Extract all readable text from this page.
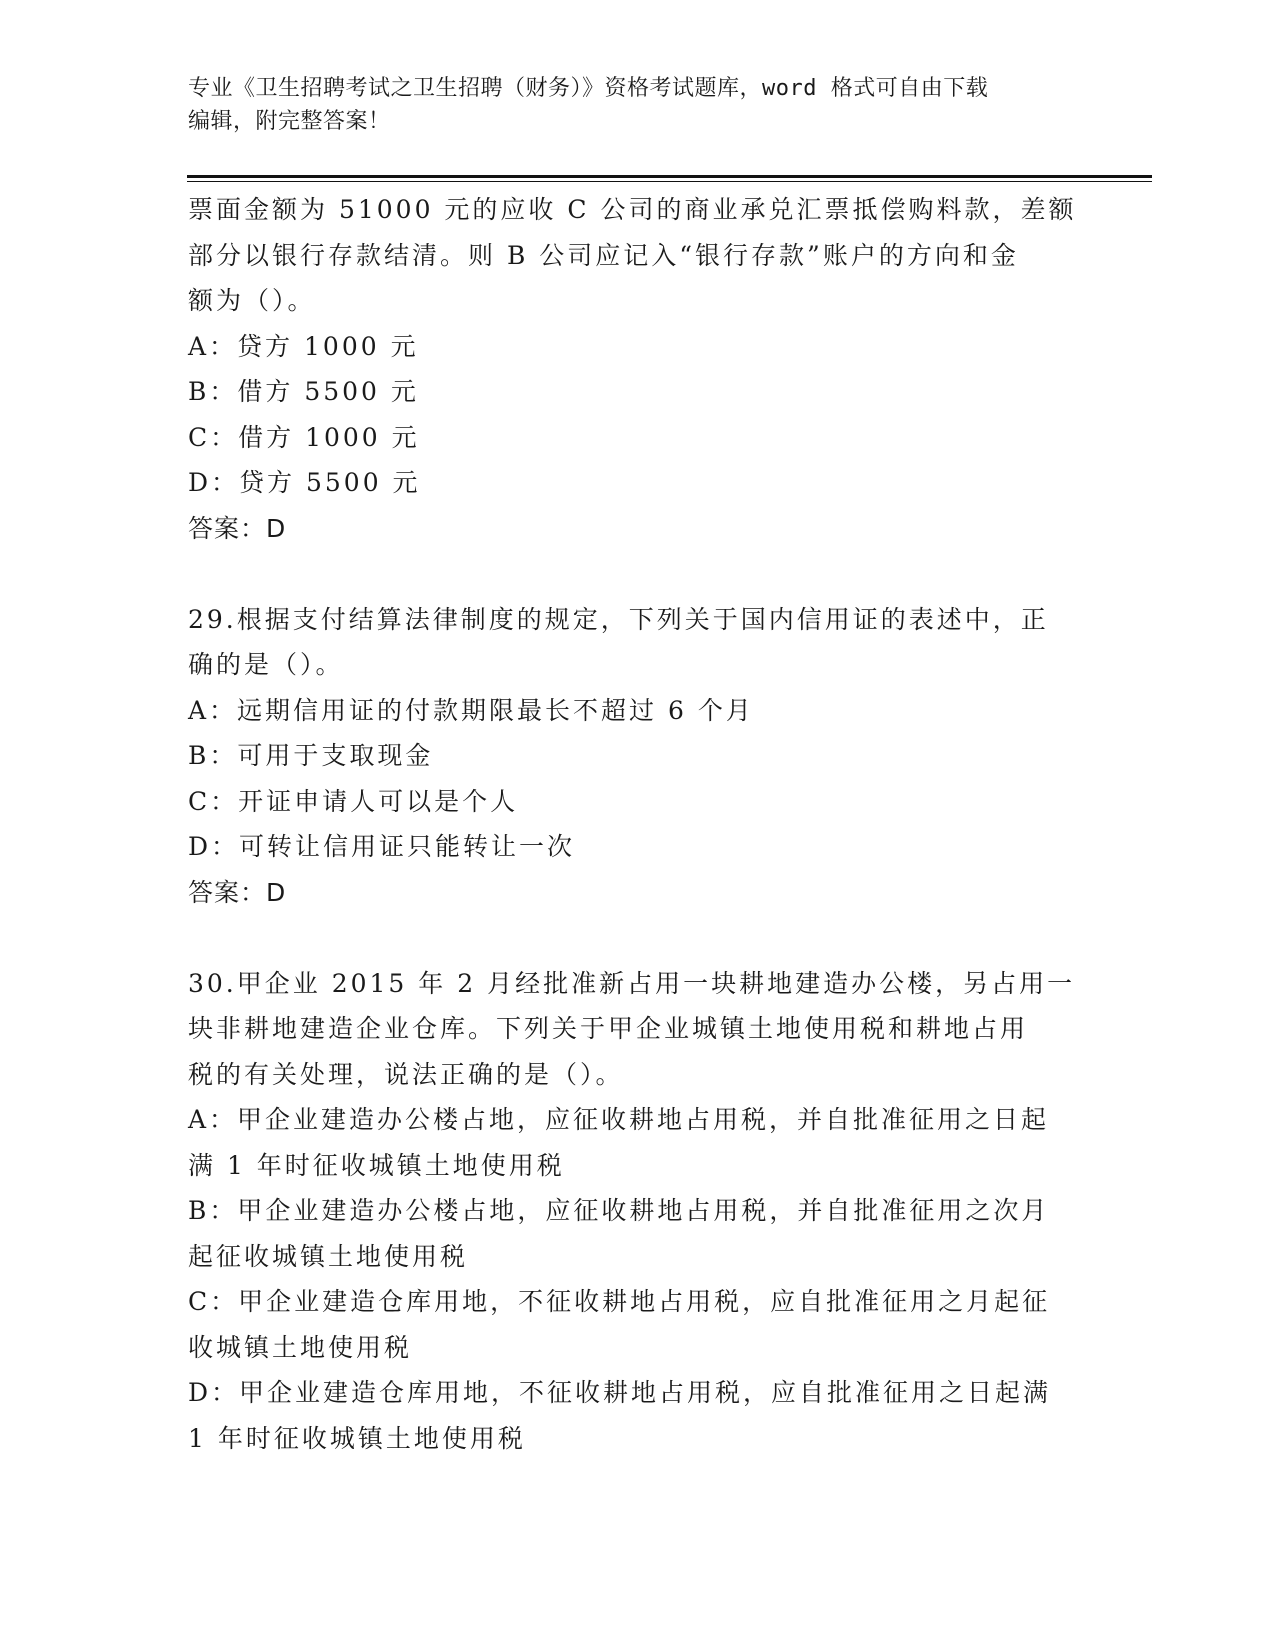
专业《卫生招聘考试之卫生招聘（财务）》资格考试题库，word 格式可自由下载
编辑，附完整答案！
票面金额为 51000 元的应收 C 公司的商业承兑汇票抵偿购料款，差额
部分以银行存款结清。则 B 公司应记入“银行存款”账户的方向和金
额为（）。
A：贷方 1000 元
B：借方 5500 元
C：借方 1000 元
D：贷方 5500 元
答案：D
29.根据支付结算法律制度的规定，下列关于国内信用证的表述中，正
确的是（）。
A：远期信用证的付款期限最长不超过 6 个月
B：可用于支取现金
C：开证申请人可以是个人
D：可转让信用证只能转让一次
答案：D
30.甲企业 2015 年 2 月经批准新占用一块耕地建造办公楼，另占用一
块非耕地建造企业仓库。下列关于甲企业城镇土地使用税和耕地占用
税的有关处理，说法正确的是（）。
A：甲企业建造办公楼占地，应征收耕地占用税，并自批准征用之日起
满 1 年时征收城镇土地使用税
B：甲企业建造办公楼占地，应征收耕地占用税，并自批准征用之次月
起征收城镇土地使用税
C：甲企业建造仓库用地，不征收耕地占用税，应自批准征用之月起征
收城镇土地使用税
D：甲企业建造仓库用地，不征收耕地占用税，应自批准征用之日起满
1 年时征收城镇土地使用税
